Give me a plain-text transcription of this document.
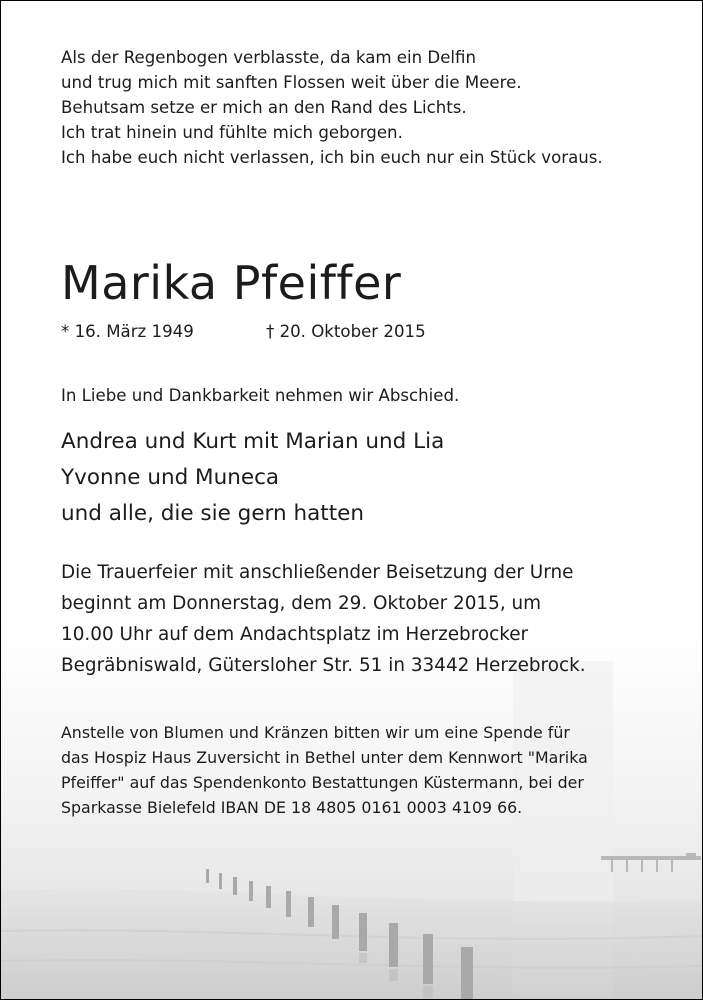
Als der Regenbogen verblasste, da kam ein Delfin
und trug mich mit sanften Flossen weit über die Meere.
Behutsam setze er mich an den Rand des Lichts.
Ich trat hinein und fühlte mich geborgen.
Ich habe euch nicht verlassen, ich bin euch nur ein Stück voraus.
Marika Pfeiffer
* 16. März 1949	† 20. Oktober 2015
In Liebe und Dankbarkeit nehmen wir Abschied.
Andrea und Kurt mit Marian und Lia
Yvonne und Muneca
und alle, die sie gern hatten
Die Trauerfeier mit anschließender Beisetzung der Urne
beginnt am Donnerstag, dem 29. Oktober 2015, um
10.00 Uhr auf dem Andachtsplatz im Herzebrocker
Begräbniswald, Gütersloher Str. 51 in 33442 Herzebrock.
Anstelle von Blumen und Kränzen bitten wir um eine Spende für
das Hospiz Haus Zuversicht in Bethel unter dem Kennwort "Marika
Pfeiffer" auf das Spendenkonto Bestattungen Küstermann, bei der
Sparkasse Bielefeld IBAN DE 18 4805 0161 0003 4109 66.
